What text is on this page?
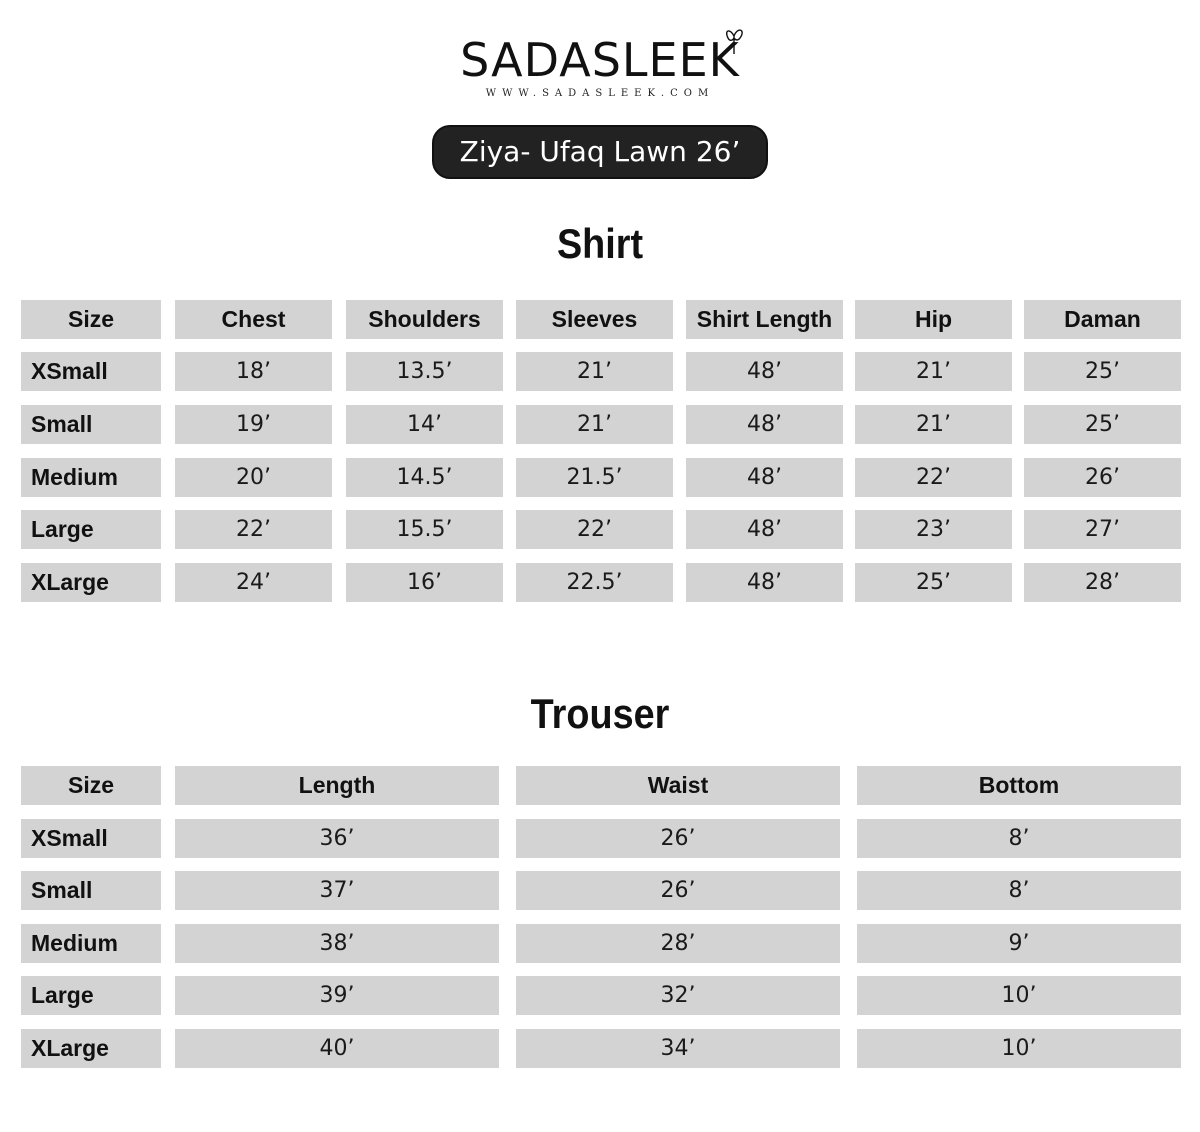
SADASLEEK
WWW.SADASLEEK.COM
Ziya- Ufaq Lawn 26’
Shirt
Size	Chest	Shoulders	Sleeves	Shirt Length	Hip	Daman
XSmall	18’	13.5’	21’	48’	21’	25’
Small	19’	14’	21’	48’	21’	25’
Medium	20’	14.5’	21.5’	48’	22’	26’
Large	22’	15.5’	22’	48’	23’	27’
XLarge	24’	16’	22.5’	48’	25’	28’
Trouser
Size	Length	Waist	Bottom
XSmall	36’	26’	8’
Small	37’	26’	8’
Medium	38’	28’	9’
Large	39’	32’	10’
XLarge	40’	34’	10’
